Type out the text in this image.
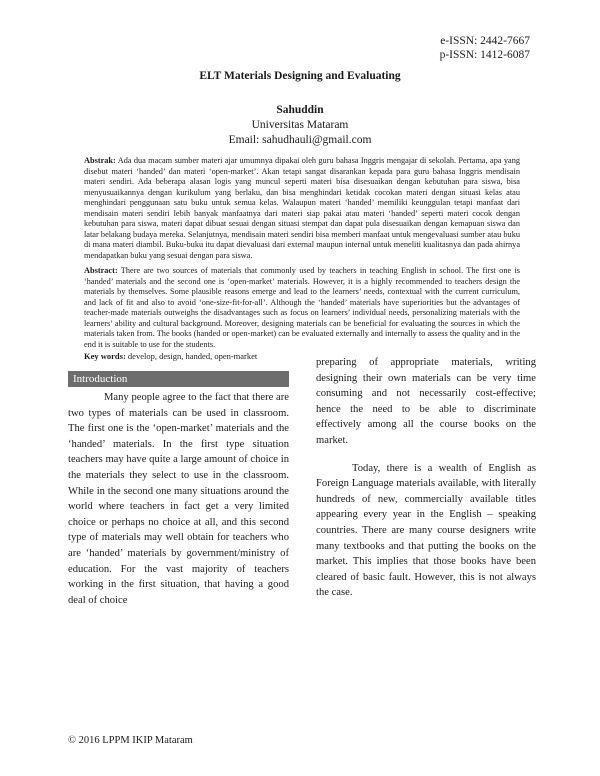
e-ISSN: 2442-7667
p-ISSN: 1412-6087
ELT Materials Designing and Evaluating
Sahuddin
Universitas Mataram
Email: sahudhauli@gmail.com

Abstrak: Ada dua macam sumber materi ajar umumnya dipakai oleh guru bahasa Inggris mengajar di sekolah. Pertama, apa yang disebut materi ‘handed’ dan materi ‘open-market’. Akan tetapi sangat disarankan kepada para guru bahasa Inggris mendisain materi sendiri. Ada beberapa alasan logis yang muncul seperti materi bisa disesuaikan dengan kebutuhan para siswa, bisa menyusuaikannya dengan kurikulum yang berlaku, dan bisa menghindari ketidak cocokan materi dengan situasi kelas atau menghindari penggunaan satu buku untuk semua kelas. Walaupun materi ‘handed’ memiliki keunggulan tetapi manfaat dari mendisain materi sendiri lebih banyak manfaatnya dari materi siap pakai atau materi ‘handed’ seperti materi cocok dengan kebutuhan para siswa, materi dapat dibuat sesuai dengan situasi stempat dan dapat pula disesuaikan dengan kemapuan siswa dan latar belakang budaya mereka. Selanjutnya, mendisain materi sendiri bisa memberi manfaat untuk mengevaluasi sumber atau buku di mana materi diambil. Buku-buku itu dapat dievaluasi dari external maupun internal untuk meneliti kualitasnya dan pada ahirnya mendapatkan buku yang sesuai dengan para siswa.

Abstract: There are two sources of materials that commonly used by teachers in teaching English in school. The first one is ‘handed’ materials and the second one is ‘open-market’ materials. However, it is a highly recommended to teachers design the materials by themselves. Some plausible reasons emerge and lead to the learners’ needs, contextual with the current curriculum, and lack of fit and also to avoid ‘one-size-fit-for-all’. Although the ‘handed’ materials have superiorities but the advantages of teacher-made materials outweighs the disadvantages such as focus on learners’ individual needs, personalizing materials with the learners’ ability and cultural background. Moreover, designing materials can be beneficial for evaluating the sources in which the materials taken from. The books (handed or open-market) can be evaluated externally and internally to assess the quality and in the end it is suitable to use for the students.

Key words: develop, design, handed, open-market
Introduction

Many people agree to the fact that there are two types of materials can be used in classroom. The first one is the ‘open-market’ materials and the ‘handed’ materials. In the first type situation teachers may have quite a large amount of choice in the materials they select to use in the classroom. While in the second one many situations around the world where teachers in fact get a very limited choice or perhaps no choice at all, and this second type of materials may well obtain for teachers who are ‘handed’ materials by government/ministry of education. For the vast majority of teachers working in the first situation, that having a good deal of choice

preparing of appropriate materials, writing designing their own materials can be very time consuming and not necessarily cost-effective; hence the need to be able to discriminate effectively among all the course books on the market.

Today, there is a wealth of English as Foreign Language materials available, with literally hundreds of new, commercially available titles appearing every year in the English – speaking countries. There are many course designers write many textbooks and that putting the books on the market. This implies that those books have been cleared of basic fault. However, this is not always the case.

© 2016 LPPM IKIP Mataram
